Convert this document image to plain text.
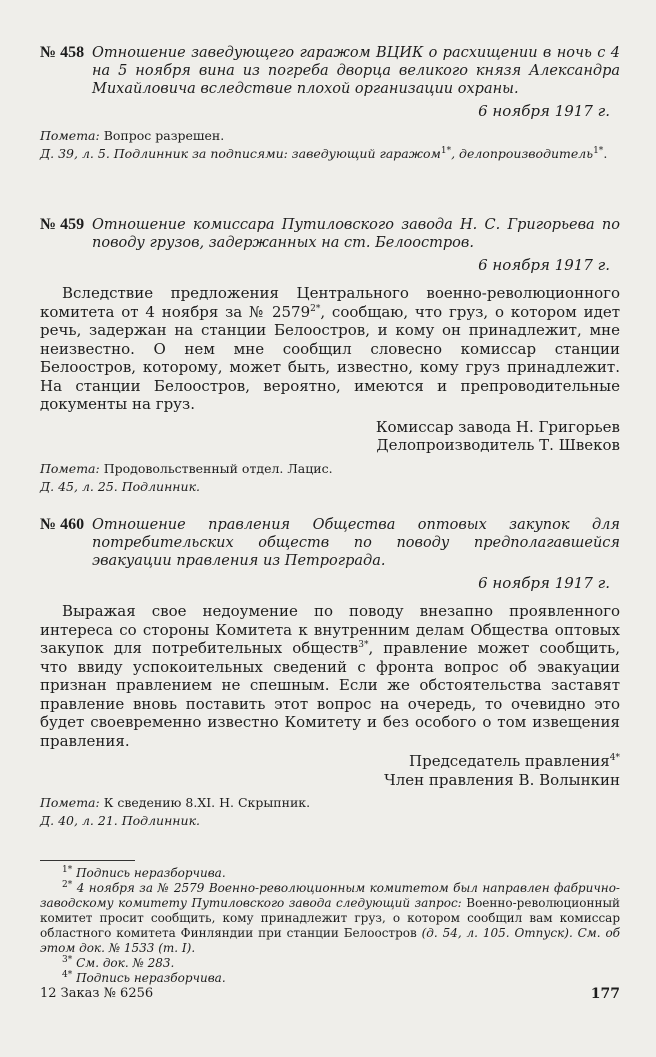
№ 458 Отношение заведующего гаражом ВЦИК о расхищении в ночь с 4 на 5 ноября вина из погреба дворца великого князя Александра Михайловича вследствие плохой организации охраны.
6 ноября 1917 г.
Помета: Вопрос разрешен.
Д. 39, л. 5. Подлинник за подписями: заведующий гаражом$^{1*}$, делопроизводитель$^{1*}$.
№ 459 Отношение комиссара Путиловского завода Н. С. Григорьева по поводу грузов, задержанных на ст. Белоостров.
6 ноября 1917 г.
Вследствие предложения Центрального военно-революционного комитета от 4 ноября за № $2579^{2*}$, сообщаю, что груз, о котором идет речь, задержан на станции Белоостров, и кому он принадлежит, мне неизвестно. О нем мне сообщил словесно комиссар станции Белоостров, которому, может быть, известно, кому груз принадлежит. На станции Белоостров, вероятно, имеются и препроводительные документы на груз.
Комиссар завода Н. Григорьев
Делопроизводитель Т. Швеков
Помета: Продовольственный отдел. Лацис.
Д. 45, л. 25. Подлинник.
№ 460 Отношение правления Общества оптовых закупок для потребительских обществ по поводу предполагавшейся эвакуации правления из Петрограда.
6 ноября 1917 г.
Выражая свое недоумение по поводу внезапно проявленного интереса со стороны Комитета к внутренним делам Общества оптовых закупок для потребительных обществ$^{3*}$, правление может сообщить, что ввиду успокоительных сведений с фронта вопрос об эвакуации признан правлением не спешным. Если же обстоятельства заставят правление вновь поставить этот вопрос на очередь, то очевидно это будет своевременно известно Комитету и без особого о том извещения правления.
Председатель правления$^{4*}$
Член правления В. Волынкин
Помета: К сведению 8.XI. Н. Скрыпник.
Д. 40, л. 21. Подлинник.
$^{1*}$ Подпись неразборчива.
$^{2*}$ 4 ноября за № 2579 Военно-революционным комитетом был направлен фабрично-заводскому комитету Путиловского завода следующий запрос: Военно-революционный комитет просит сообщить, кому принадлежит груз, о котором сообщил вам комиссар областного комитета Финляндии при станции Белоостров (д. 54, л. 105. Отпуск). См. об этом док. № 1533 (т. I).
$^{3*}$ См. док. № 283.
$^{4*}$ Подпись неразборчива.
12 Заказ № 6256	177
